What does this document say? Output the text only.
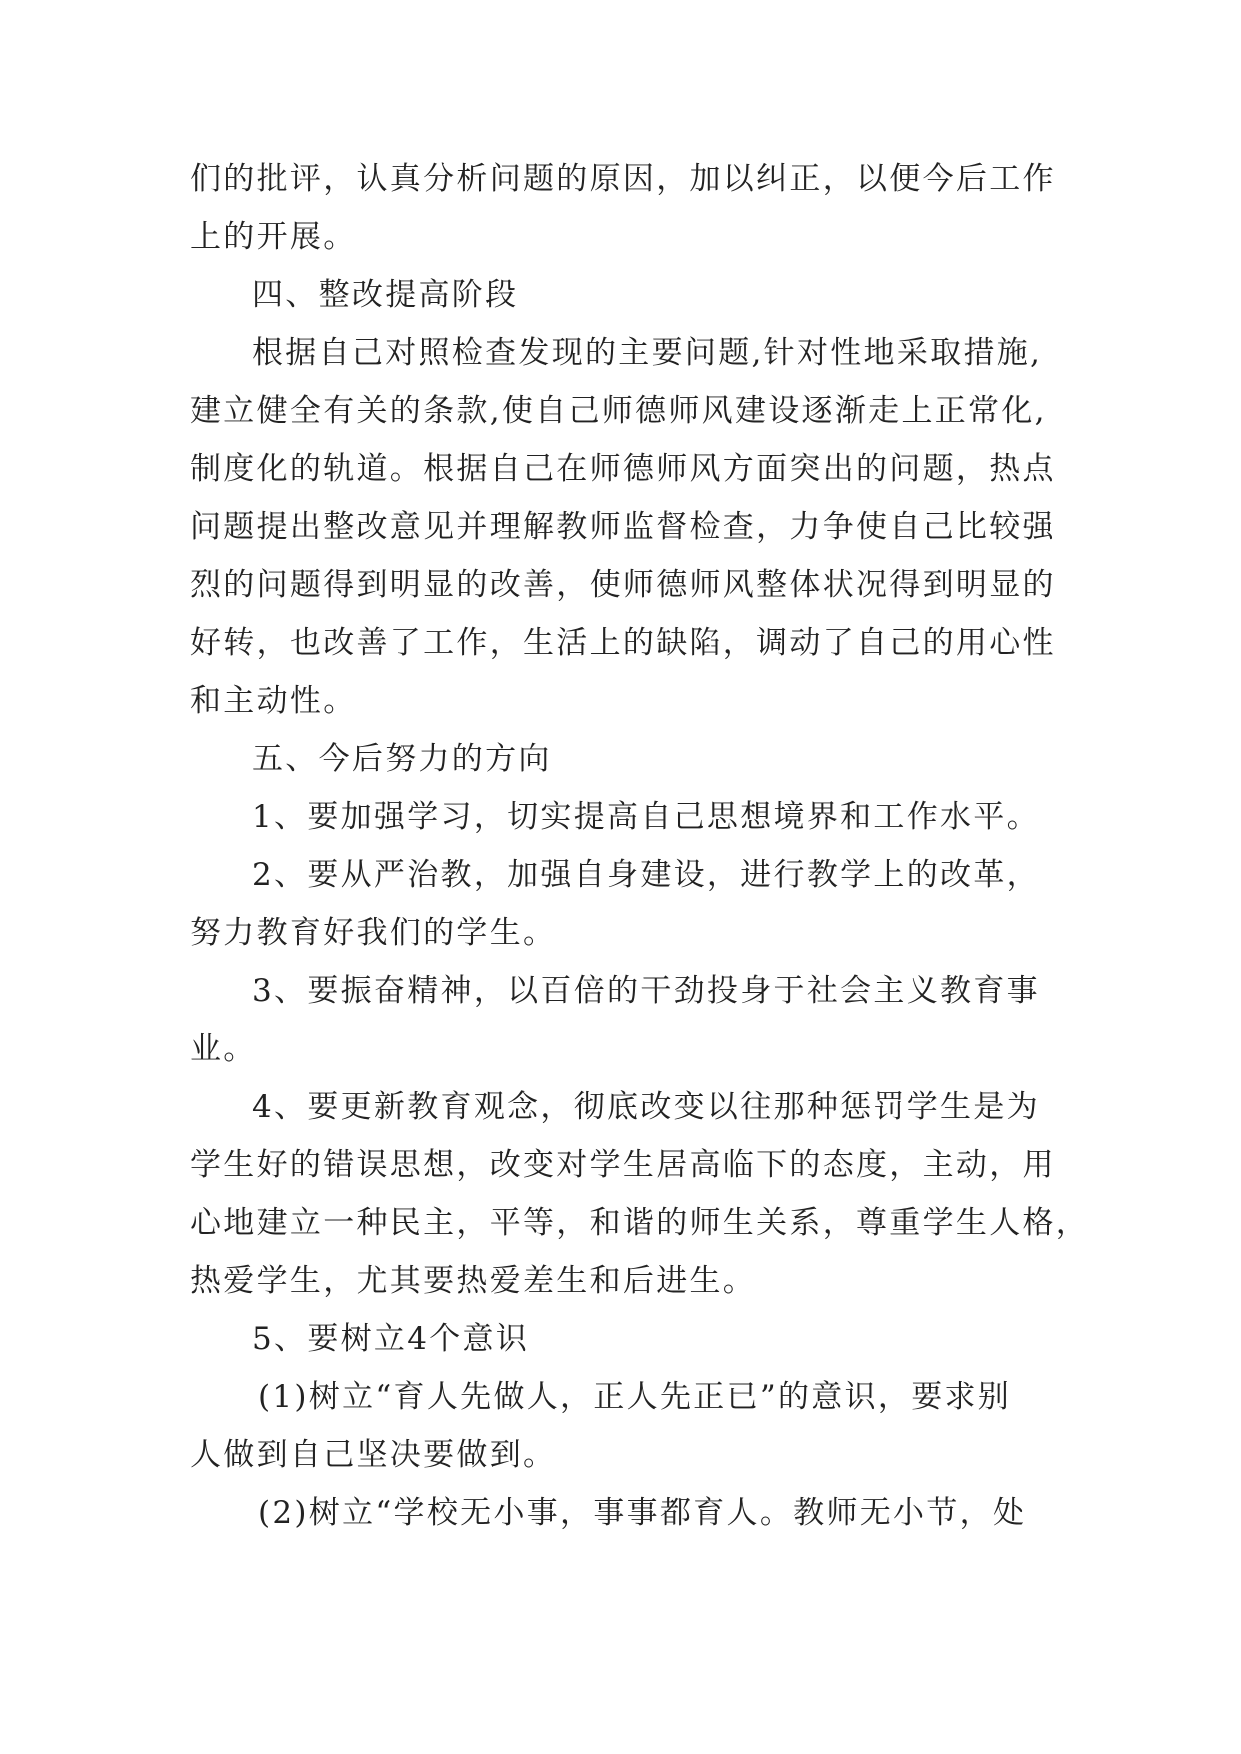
们的批评，认真分析问题的原因，加以纠正，以便今后工作
上的开展。
四、整改提高阶段
根据自己对照检查发现的主要问题,针对性地采取措施,
建立健全有关的条款,使自己师德师风建设逐渐走上正常化,
制度化的轨道。根据自己在师德师风方面突出的问题，热点
问题提出整改意见并理解教师监督检查，力争使自己比较强
烈的问题得到明显的改善，使师德师风整体状况得到明显的
好转，也改善了工作，生活上的缺陷，调动了自己的用心性
和主动性。
五、今后努力的方向
1、要加强学习，切实提高自己思想境界和工作水平。
2、要从严治教，加强自身建设，进行教学上的改革，
努力教育好我们的学生。
3、要振奋精神，以百倍的干劲投身于社会主义教育事
业。
4、要更新教育观念，彻底改变以往那种惩罚学生是为
学生好的错误思想，改变对学生居高临下的态度，主动，用
心地建立一种民主，平等，和谐的师生关系，尊重学生人格，
热爱学生，尤其要热爱差生和后进生。
5、要树立4个意识
(1)树立“育人先做人，正人先正已”的意识，要求别
人做到自己坚决要做到。
(2)树立“学校无小事，事事都育人。教师无小节，处
